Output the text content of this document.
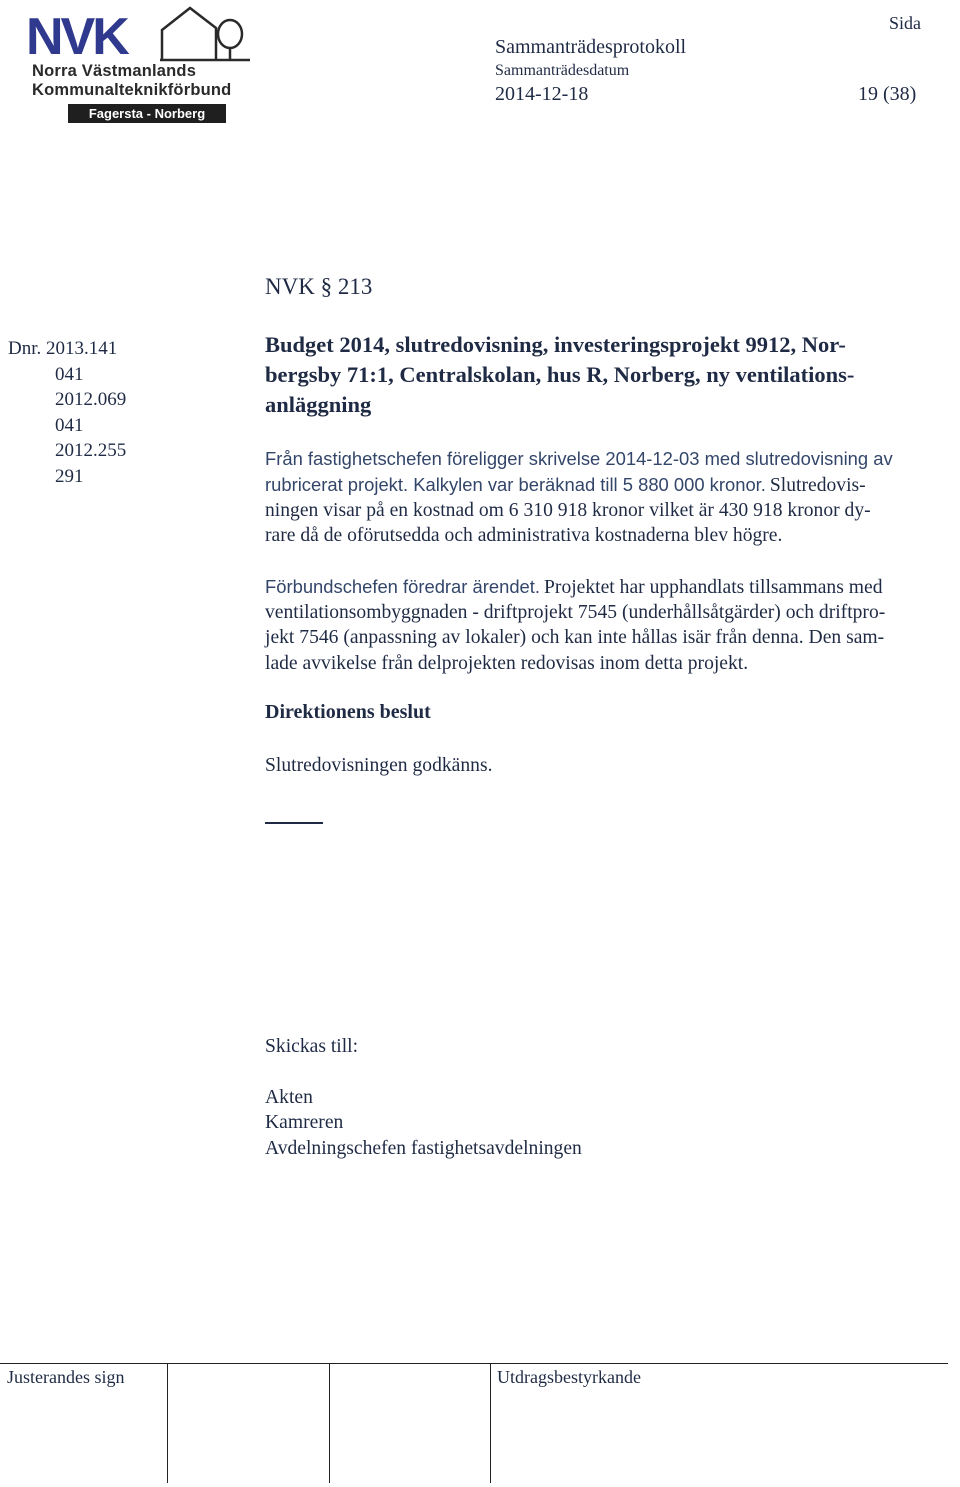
NVK
Norra Västmanlands
Kommunalteknikförbund
Fagersta - Norberg
Sida
Sammanträdesprotokoll
Sammanträdesdatum
2014-12-18	19 (38)
NVK § 213
Dnr. 2013.141
041
2012.069
041
2012.255
291
Budget 2014, slutredovisning, investeringsprojekt 9912, Nor-
bergsby 71:1, Centralskolan, hus R, Norberg, ny ventilations-
anläggning
Från fastighetschefen föreligger skrivelse 2014-12-03 med slutredovisning av
rubricerat projekt. Kalkylen var beräknad till 5 880 000 kronor. Slutredovis-
ningen visar på en kostnad om 6 310 918 kronor vilket är 430 918 kronor dy-
rare då de oförutsedda och administrativa kostnaderna blev högre.
Förbundschefen föredrar ärendet. Projektet har upphandlats tillsammans med
ventilationsombyggnaden - driftprojekt 7545 (underhållsåtgärder) och driftpro-
jekt 7546 (anpassning av lokaler) och kan inte hållas isär från denna. Den sam-
lade avvikelse från delprojekten redovisas inom detta projekt.
Direktionens beslut
Slutredovisningen godkänns.
Skickas till:
Akten
Kamreren
Avdelningschefen fastighetsavdelningen
Justerandes sign	Utdragsbestyrkande
